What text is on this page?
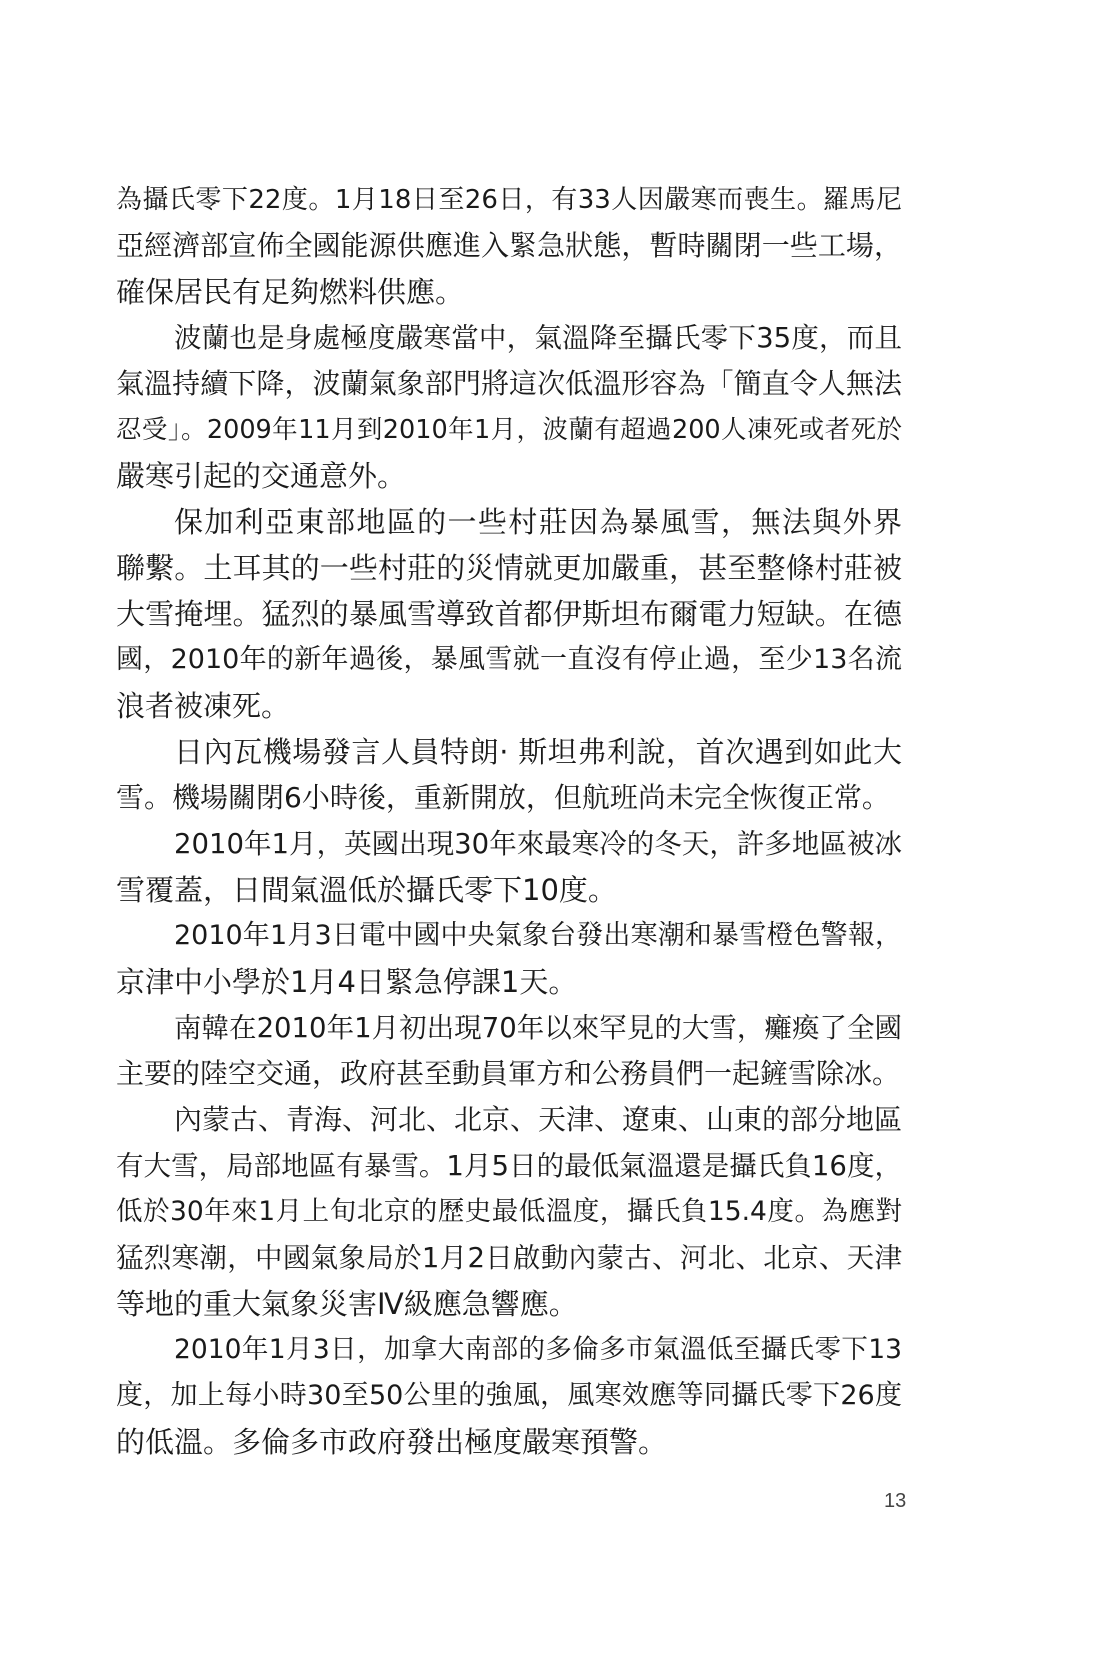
為攝氏零下22度。1月18日至26日，有33人因嚴寒而喪生。羅馬尼
亞經濟部宣佈全國能源供應進入緊急狀態，暫時關閉一些工場，
確保居民有足夠燃料供應。
波蘭也是身處極度嚴寒當中，氣溫降至攝氏零下35度，而且
氣溫持續下降，波蘭氣象部門將這次低溫形容為「簡直令人無法
忍受」。2009年11月到2010年1月，波蘭有超過200人凍死或者死於
嚴寒引起的交通意外。
保加利亞東部地區的一些村莊因為暴風雪，無法與外界
聯繫。土耳其的一些村莊的災情就更加嚴重，甚至整條村莊被
大雪掩埋。猛烈的暴風雪導致首都伊斯坦布爾電力短缺。在德
國，2010年的新年過後，暴風雪就一直沒有停止過，至少13名流
浪者被凍死。
日內瓦機場發言人員特朗· 斯坦弗利說，首次遇到如此大
雪。機場關閉6小時後，重新開放，但航班尚未完全恢復正常。
2010年1月，英國出現30年來最寒冷的冬天，許多地區被冰
雪覆蓋，日間氣溫低於攝氏零下10度。
2010年1月3日電中國中央氣象台發出寒潮和暴雪橙色警報，
京津中小學於1月4日緊急停課1天。
南韓在2010年1月初出現70年以來罕見的大雪，癱瘓了全國
主要的陸空交通，政府甚至動員軍方和公務員們一起鏟雪除冰。
內蒙古、青海、河北、北京、天津、遼東、山東的部分地區
有大雪，局部地區有暴雪。1月5日的最低氣溫還是攝氏負16度，
低於30年來1月上旬北京的歷史最低溫度，攝氏負15.4度。為應對
猛烈寒潮，中國氣象局於1月2日啟動內蒙古、河北、北京、天津
等地的重大氣象災害Ⅳ級應急響應。
2010年1月3日，加拿大南部的多倫多市氣溫低至攝氏零下13
度，加上每小時30至50公里的強風，風寒效應等同攝氏零下26度
的低溫。多倫多市政府發出極度嚴寒預警。
13
